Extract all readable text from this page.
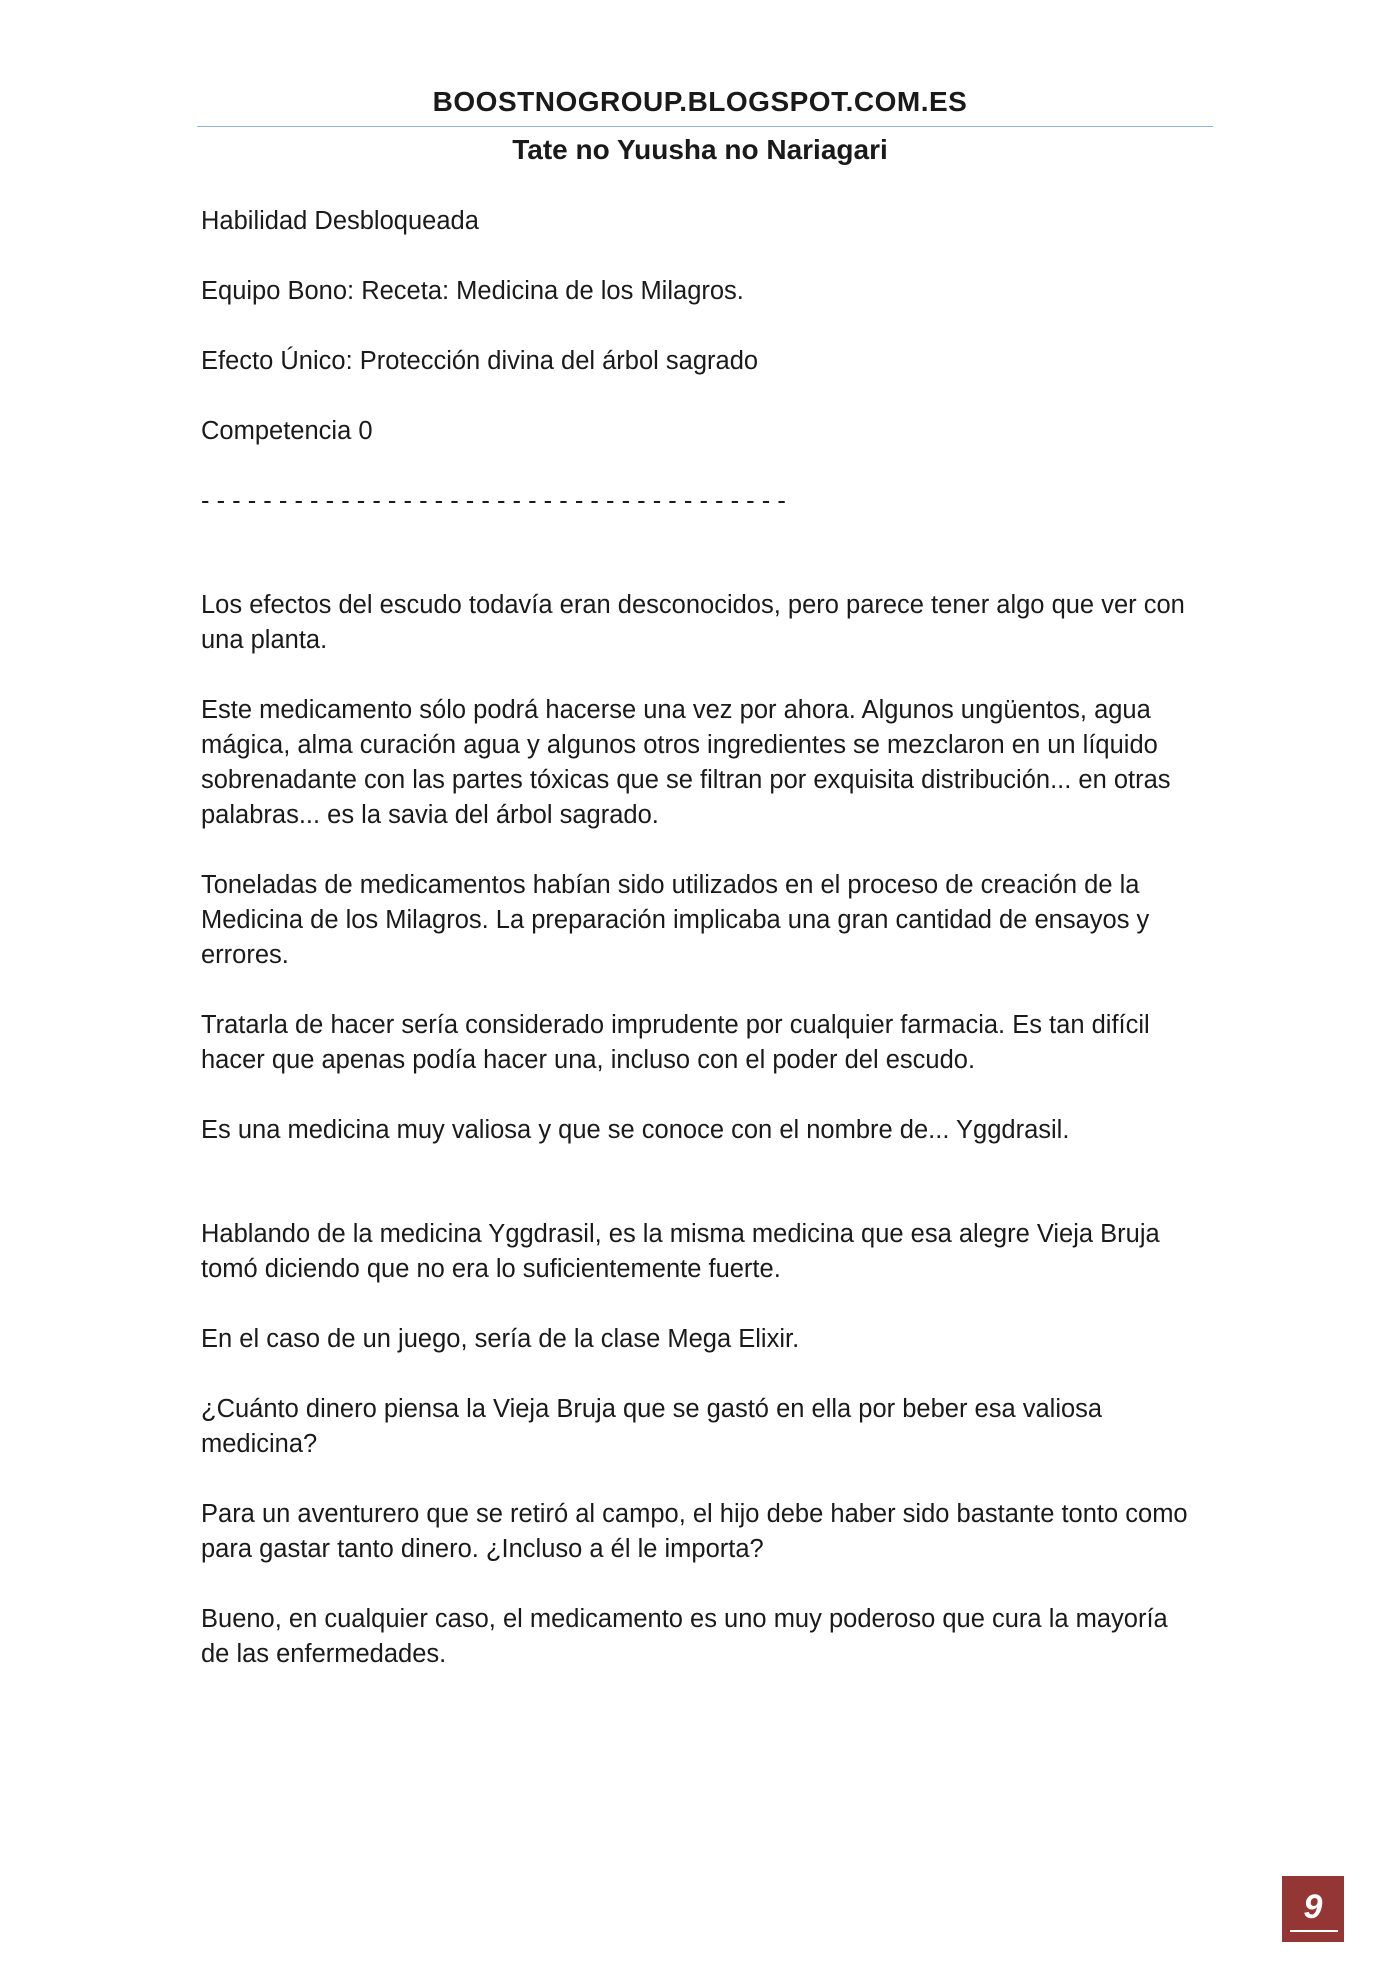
BOOSTNOGROUP.BLOGSPOT.COM.ES
Tate no Yuusha no Nariagari

Habilidad Desbloqueada

Equipo Bono: Receta: Medicina de los Milagros.

Efecto Único: Protección divina del árbol sagrado

Competencia 0

- - - - - - - - - - - - - - - - - - - - - - - - - - - - - - - - - - - - - -

Los efectos del escudo todavía eran desconocidos, pero parece tener algo que ver con una planta.

Este medicamento sólo podrá hacerse una vez por ahora. Algunos ungüentos, agua mágica, alma curación agua y algunos otros ingredientes se mezclaron en un líquido sobrenadante con las partes tóxicas que se filtran por exquisita distribución... en otras palabras... es la savia del árbol sagrado.

Toneladas de medicamentos habían sido utilizados en el proceso de creación de la Medicina de los Milagros. La preparación implicaba una gran cantidad de ensayos y errores.

Tratarla de hacer sería considerado imprudente por cualquier farmacia. Es tan difícil hacer que apenas podía hacer una, incluso con el poder del escudo.

Es una medicina muy valiosa y que se conoce con el nombre de... Yggdrasil.

Hablando de la medicina Yggdrasil, es la misma medicina que esa alegre Vieja Bruja tomó diciendo que no era lo suficientemente fuerte.

En el caso de un juego, sería de la clase Mega Elixir.

¿Cuánto dinero piensa la Vieja Bruja que se gastó en ella por beber esa valiosa medicina?

Para un aventurero que se retiró al campo, el hijo debe haber sido bastante tonto como para gastar tanto dinero. ¿Incluso a él le importa?

Bueno, en cualquier caso, el medicamento es uno muy poderoso que cura la mayoría de las enfermedades.

9
